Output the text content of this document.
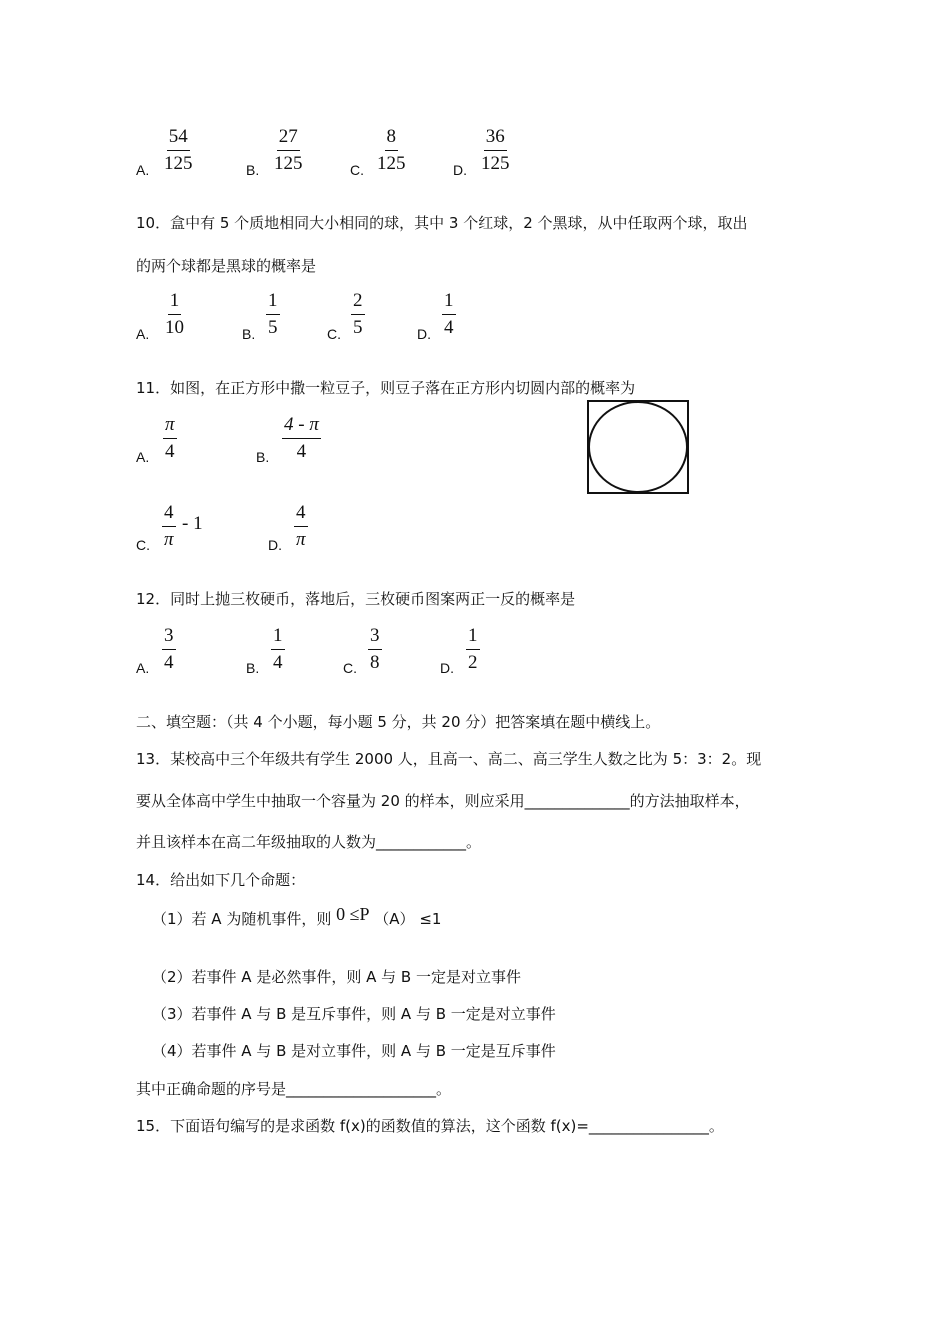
A. $\frac{54}{125}$	B. $\frac{27}{125}$	C. $\frac{8}{125}$	D. $\frac{36}{125}$
10．盒中有 5 个质地相同大小相同的球，其中 3 个红球，2 个黑球，从中任取两个球，取出
的两个球都是黑球的概率是
A. $\frac{1}{10}$	B. $\frac{1}{5}$	C. $\frac{2}{5}$	D. $\frac{1}{4}$
11．如图，在正方形中撒一粒豆子，则豆子落在正方形内切圆内部的概率为
A. $\frac{\pi}{4}$	B. $\frac{4 - \pi}{4}$
C. $\frac{4}{\pi} - 1$
D. $\frac{4}{\pi}$
12．同时上抛三枚硬币，落地后，三枚硬币图案两正一反的概率是
A. $\frac{3}{4}$	B. $\frac{1}{4}$	C. $\frac{3}{8}$	D. $\frac{1}{2}$
二、填空题：（共 4 个小题，每小题 5 分，共 20 分）把答案填在题中横线上。
13．某校高中三个年级共有学生 2000 人，且高一、高二、高三学生人数之比为 5：3：2。现
要从全体高中学生中抽取一个容量为 20 的样本，则应采用______________的方法抽取样本，
并且该样本在高二年级抽取的人数为____________。
14．给出如下几个命题：
（1）若 A 为随机事件，则 0 ≤P （A） ≤1
（2）若事件 A 是必然事件，则 A 与 B 一定是对立事件
（3）若事件 A 与 B 是互斥事件，则 A 与 B 一定是对立事件
（4）若事件 A 与 B 是对立事件，则 A 与 B 一定是互斥事件
其中正确命题的序号是____________________。
15．下面语句编写的是求函数 f(x)的函数值的算法，这个函数 f(x)=________________。
